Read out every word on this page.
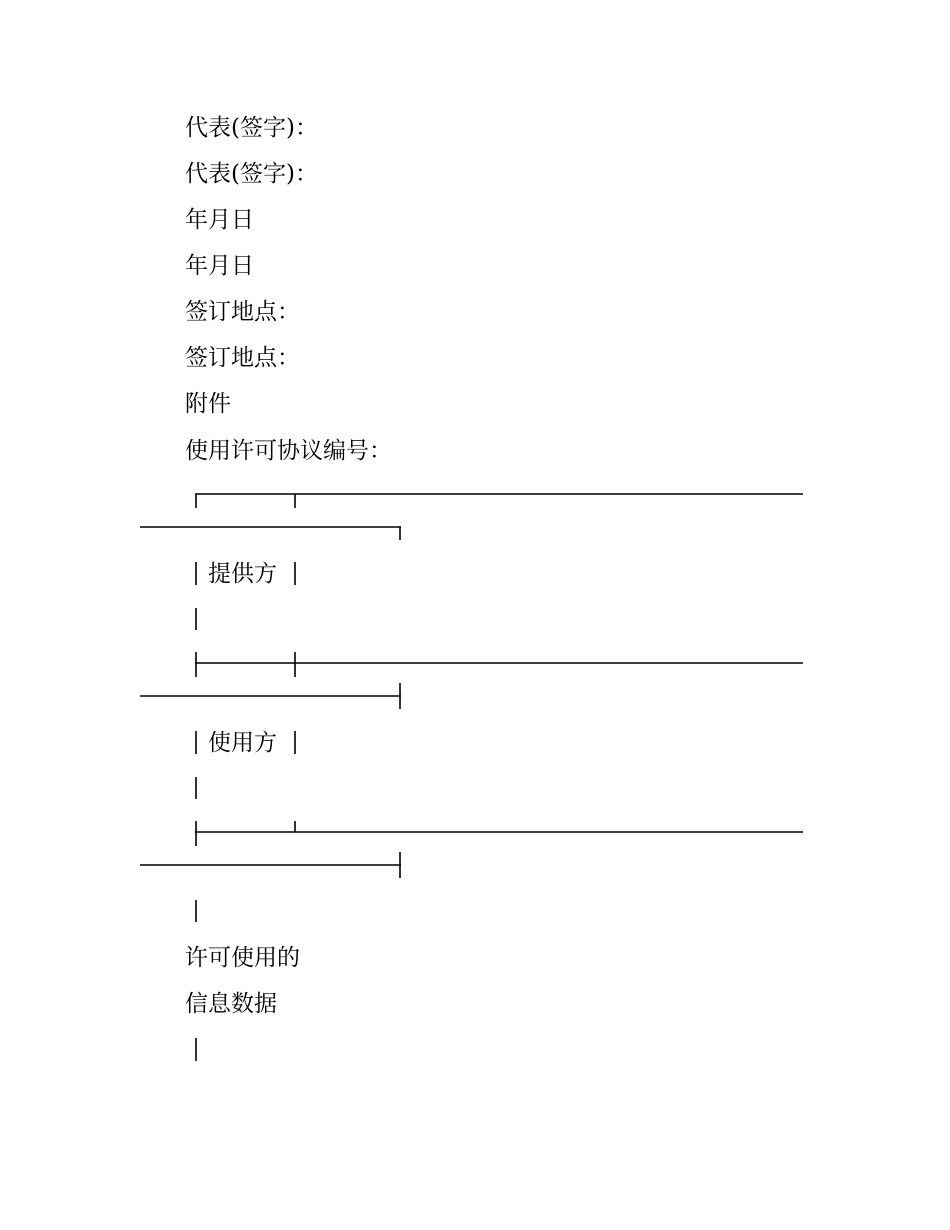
代表(签字)：
代表(签字)：
年月日
年月日
签订地点：
签订地点：
附件
使用许可协议编号：
提供方
使用方
许可使用的
信息数据
